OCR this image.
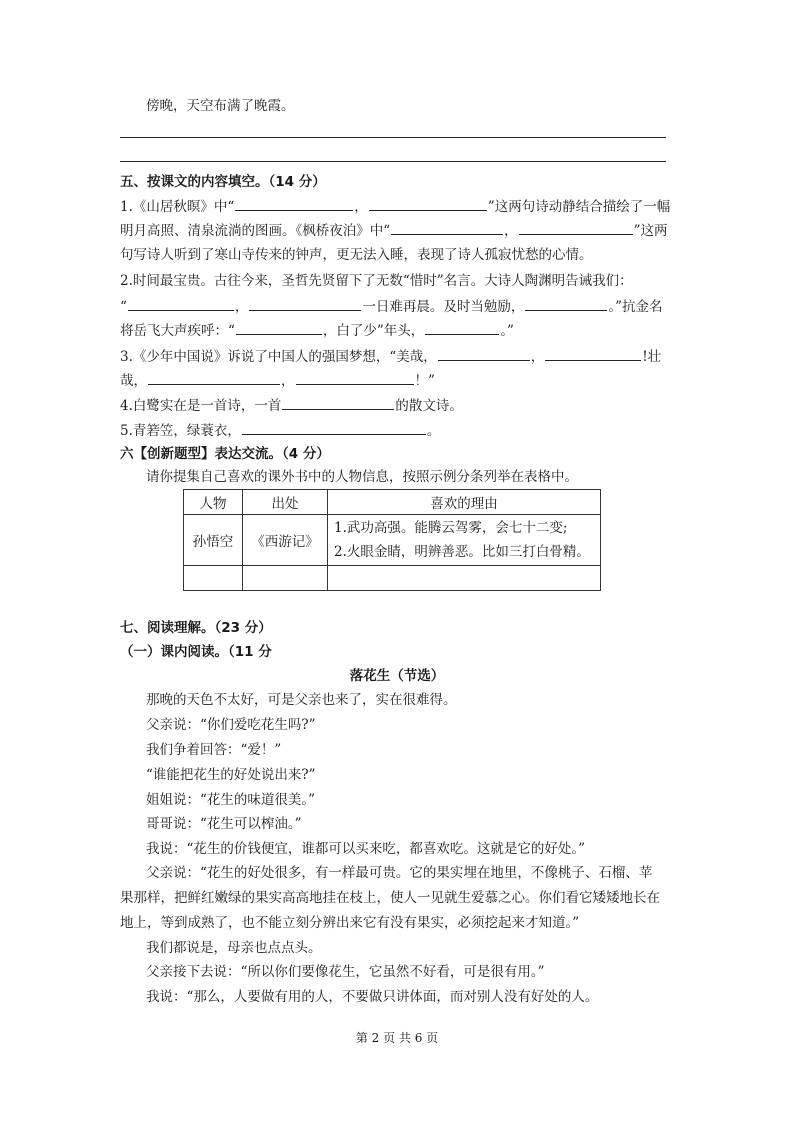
傍晚，天空布满了晚霞。
五、按课文的内容填空。（14 分）
1.《山居秋暝》中“	，	”这两句诗动静结合描绘了一幅
明月高照、清泉流淌的图画。《枫桥夜泊》中“	，	”这两
句写诗人听到了寒山寺传来的钟声，更无法入睡，表现了诗人孤寂忧愁的心情。
2.时间最宝贵。古往今来，圣哲先贤留下了无数“惜时”名言。大诗人陶渊明告诫我们：
“	，	一日难再晨。及时当勉励，	。”抗金名
将岳飞大声疾呼：“	，白了少”年头，	。”
3.《少年中国说》诉说了中国人的强国梦想，“美哉，	，	!壮
哉，	，	！”
4.白鹭实在是一首诗，一首	的散文诗。
5.青箬笠，绿蓑衣，	。
六【创新题型】表达交流。（4 分）
请你提集自己喜欢的课外书中的人物信息，按照示例分条列举在表格中。
人物	出处	喜欢的理由
孙悟空	《西游记》	1.武功高强。能腾云驾雾，会七十二变;
2.火眼金睛，明辨善恶。比如三打白骨精。

七、阅读理解。（23 分）
（一）课内阅读。（11 分
落花生（节选）
那晚的天色不太好，可是父亲也来了，实在很难得。
父亲说：“你们爱吃花生吗?”
我们争着回答：“爱！”
“谁能把花生的好处说出来?”
姐姐说：“花生的味道很美。”
哥哥说：“花生可以榨油。”
我说：“花生的价钱便宜，谁都可以买来吃，都喜欢吃。这就是它的好处。”
父亲说：“花生的好处很多，有一样最可贵。它的果实埋在地里，不像桃子、石榴、苹
果那样，把鲜红嫩绿的果实高高地挂在枝上，使人一见就生爱慕之心。你们看它矮矮地长在
地上，等到成熟了，也不能立刻分辨出来它有没有果实，必须挖起来才知道。”
我们都说是，母亲也点点头。
父亲接下去说：“所以你们要像花生，它虽然不好看，可是很有用。”
我说：“那么，人要做有用的人，不要做只讲体面，而对别人没有好处的人。
第 2 页 共 6 页
